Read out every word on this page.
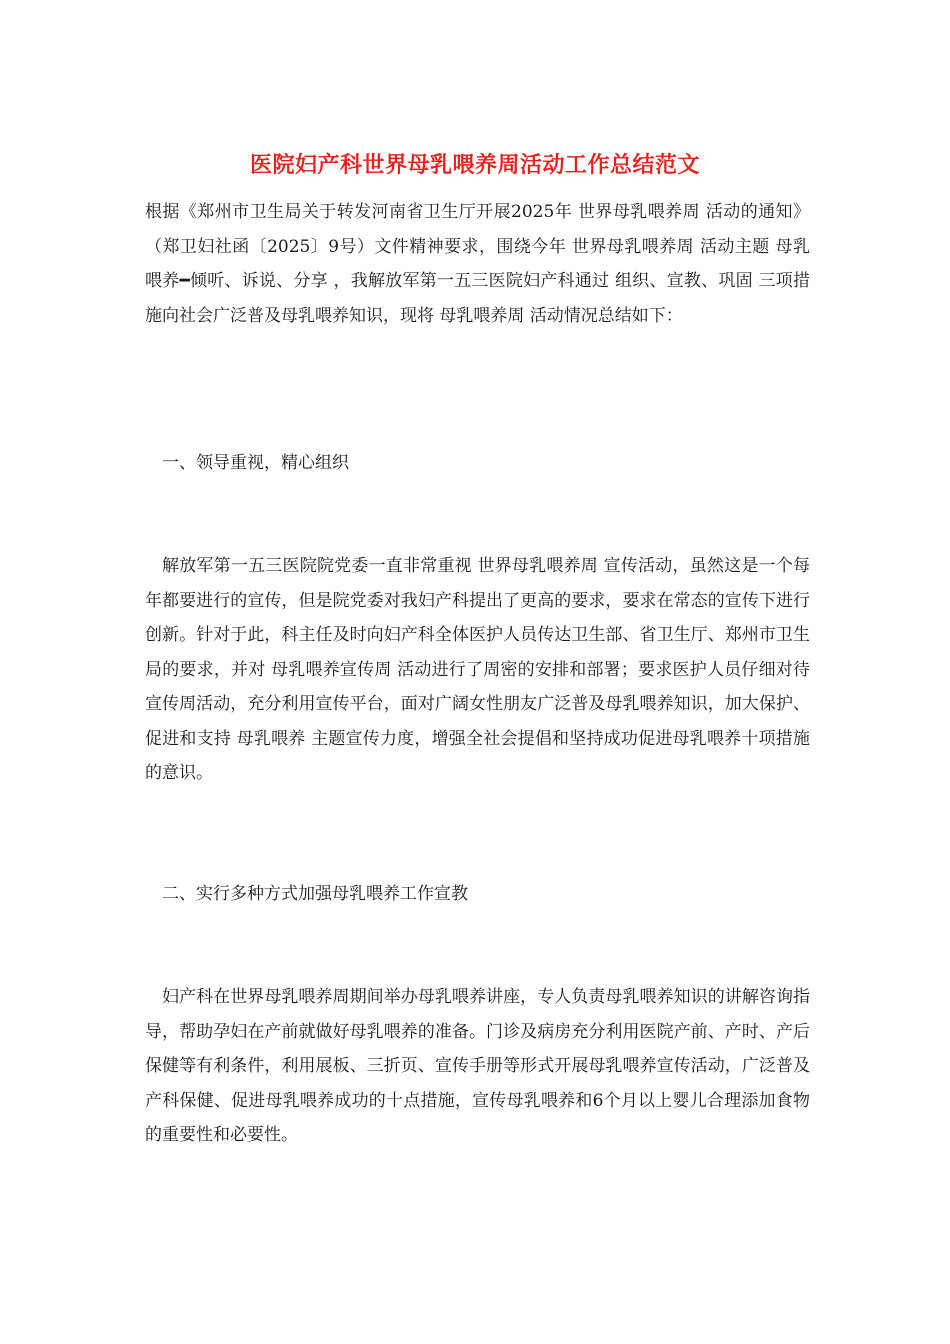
医院妇产科世界母乳喂养周活动工作总结范文

根据《郑州市卫生局关于转发河南省卫生厅开展2025年 世界母乳喂养周 活动的通知》（郑卫妇社函〔2025〕9号）文件精神要求，围绕今年 世界母乳喂养周 活动主题 母乳喂养━倾听、诉说、分享 ，我解放军第一五三医院妇产科通过 组织、宣教、巩固 三项措施向社会广泛普及母乳喂养知识，现将 母乳喂养周 活动情况总结如下：

一、领导重视，精心组织

解放军第一五三医院院党委一直非常重视 世界母乳喂养周 宣传活动，虽然这是一个每年都要进行的宣传，但是院党委对我妇产科提出了更高的要求，要求在常态的宣传下进行创新。针对于此，科主任及时向妇产科全体医护人员传达卫生部、省卫生厅、郑州市卫生局的要求，并对 母乳喂养宣传周 活动进行了周密的安排和部署；要求医护人员仔细对待宣传周活动，充分利用宣传平台，面对广阔女性朋友广泛普及母乳喂养知识，加大保护、促进和支持 母乳喂养 主题宣传力度，增强全社会提倡和坚持成功促进母乳喂养十项措施的意识。

二、实行多种方式加强母乳喂养工作宣教

妇产科在世界母乳喂养周期间举办母乳喂养讲座，专人负责母乳喂养知识的讲解咨询指导，帮助孕妇在产前就做好母乳喂养的准备。门诊及病房充分利用医院产前、产时、产后保健等有利条件，利用展板、三折页、宣传手册等形式开展母乳喂养宣传活动，广泛普及产科保健、促进母乳喂养成功的十点措施，宣传母乳喂养和6个月以上婴儿合理添加食物的重要性和必要性。
